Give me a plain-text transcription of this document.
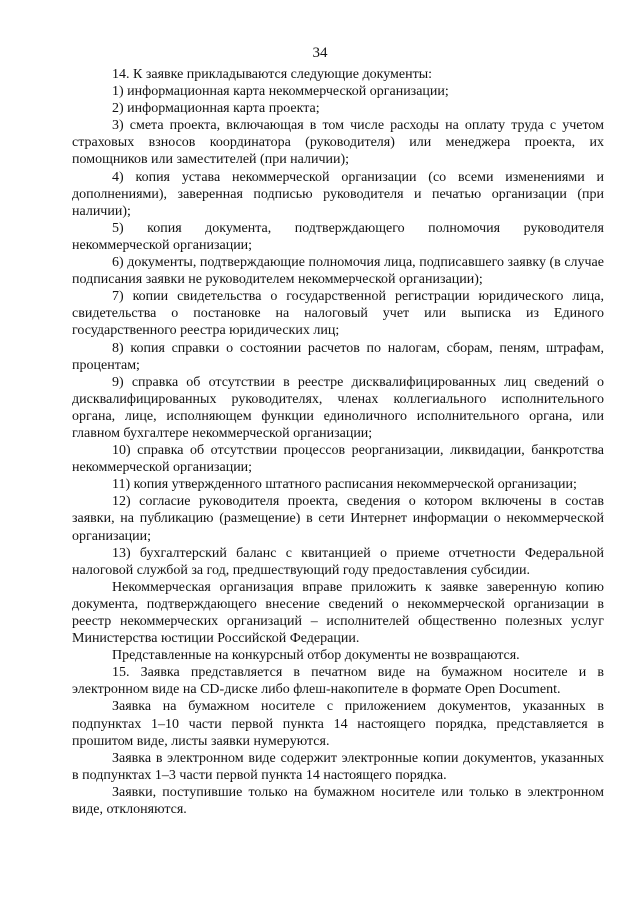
34

14. К заявке прикладываются следующие документы:

1) информационная карта некоммерческой организации;

2) информационная карта проекта;

3) смета проекта, включающая в том числе расходы на оплату труда с учетом страховых взносов координатора (руководителя) или менеджера проекта, их помощников или заместителей (при наличии);

4) копия устава некоммерческой организации (со всеми изменениями и дополнениями), заверенная подписью руководителя и печатью организации (при наличии);

5) копия документа, подтверждающего полномочия руководителя некоммерческой организации;

6) документы, подтверждающие полномочия лица, подписавшего заявку (в случае подписания заявки не руководителем некоммерческой организации);

7) копии свидетельства о государственной регистрации юридического лица, свидетельства о постановке на налоговый учет или выписка из Единого государственного реестра юридических лиц;

8) копия справки о состоянии расчетов по налогам, сборам, пеням, штрафам, процентам;

9) справка об отсутствии в реестре дисквалифицированных лиц сведений о дисквалифицированных руководителях, членах коллегиального исполнительного органа, лице, исполняющем функции единоличного исполнительного органа, или главном бухгалтере некоммерческой организации;

10) справка об отсутствии процессов реорганизации, ликвидации, банкротства некоммерческой организации;

11) копия утвержденного штатного расписания некоммерческой организации;

12) согласие руководителя проекта, сведения о котором включены в состав заявки, на публикацию (размещение) в сети Интернет информации о некоммерческой организации;

13) бухгалтерский баланс с квитанцией о приеме отчетности Федеральной налоговой службой за год, предшествующий году предоставления субсидии.

Некоммерческая организация вправе приложить к заявке заверенную копию документа, подтверждающего внесение сведений о некоммерческой организации в реестр некоммерческих организаций – исполнителей общественно полезных услуг Министерства юстиции Российской Федерации.

Представленные на конкурсный отбор документы не возвращаются.

15. Заявка представляется в печатном виде на бумажном носителе и в электронном виде на CD-диске либо флеш-накопителе в формате Open Document.

Заявка на бумажном носителе с приложением документов, указанных в подпунктах 1–10 части первой пункта 14 настоящего порядка, представляется в прошитом виде, листы заявки нумеруются.

Заявка в электронном виде содержит электронные копии документов, указанных в подпунктах 1–3 части первой пункта 14 настоящего порядка.

Заявки, поступившие только на бумажном носителе или только в электронном виде, отклоняются.
